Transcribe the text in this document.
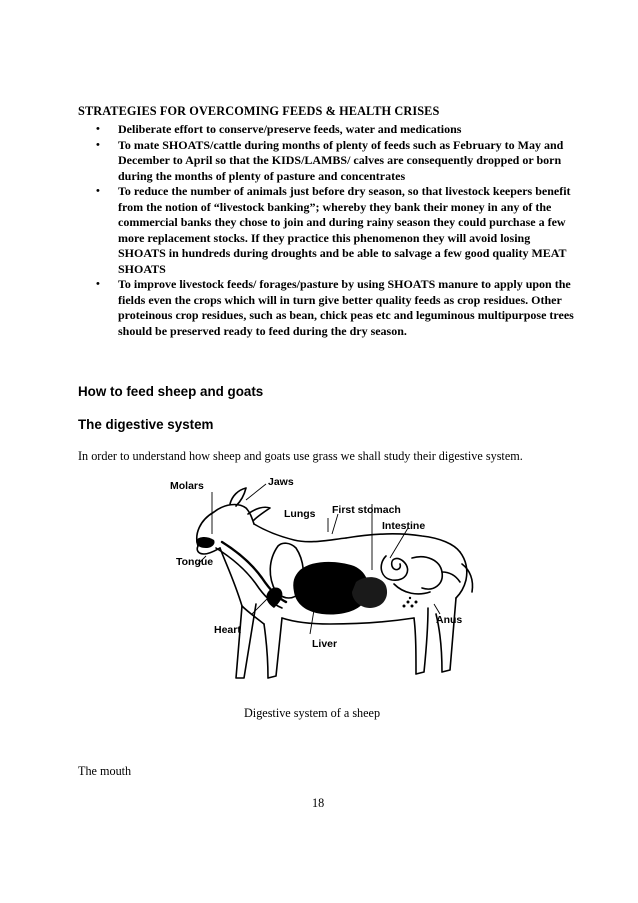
STRATEGIES FOR OVERCOMING FEEDS & HEALTH CRISES
• Deliberate effort to conserve/preserve feeds, water and medications
• To mate SHOATS/cattle during months of plenty of feeds such as February to May and December to April so that the KIDS/LAMBS/ calves are consequently dropped or born during the months of plenty of pasture and concentrates
• To reduce the number of animals just before dry season, so that livestock keepers benefit from the notion of “livestock banking”; whereby they bank their money in any of the commercial banks they chose to join and during rainy season they could purchase a few more replacement stocks. If they practice this phenomenon they will avoid losing SHOATS in hundreds during droughts and be able to salvage a few good quality MEAT SHOATS
• To improve livestock feeds/ forages/pasture by using SHOATS manure to apply upon the fields even the crops which will in turn give better quality feeds as crop residues. Other proteinous crop residues, such as bean, chick peas etc and leguminous multipurpose trees should be preserved ready to feed during the dry season.
How to feed sheep and goats
The digestive system
In order to understand how sheep and goats use grass we shall study their digestive system.
Molars	Jaws
Lungs First stomach
Intestine
Tongue
Anus
Heart
Liver
Digestive system of a sheep
The mouth
18
